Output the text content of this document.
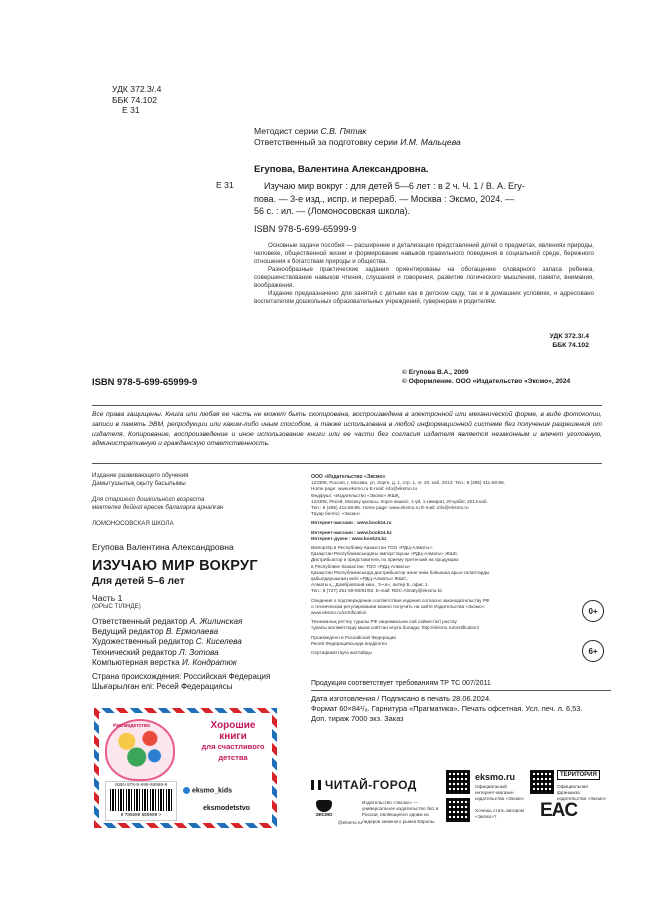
УДК 372.3/.4
ББК 74.102
Е 31
Методист серии С.В. Пятак
Ответственный за подготовку серии И.М. Мальцева
Егупова, Валентина Александровна.
Е 31	Изучаю мир вокруг : для детей 5—6 лет : в 2 ч. Ч. 1 / В. А. Егу-
пова. — 3-е изд., испр. и перераб. — Москва : Эксмо, 2024. —
56 с. : ил. — (Ломоносовская школа).
ISBN 978-5-699-65999-9
Основные задачи пособия — расширение и детализация представлений детей о предметах, явлениях природы, человеке, общественной жизни и формирование навыков правильного поведения в социальной среде, бережного отношения к богатствам природы и общества.
Разнообразные практические задания ориентированы на обогащение словарного запаса ребенка, совершенствование навыков чтения, слушания и говорения, развитие логического мышления, памяти, внимания, воображения.
Издание предназначено для занятий с детьми как в детском саду, так и в домашних условиях, и адресовано воспитателям дошкольных образовательных учреждений, гувернерам и родителям.
УДК 372.3/.4
ББК 74.102
ISBN 978-5-699-65999-9
© Егупова В.А., 2009
© Оформление. ООО «Издательство «Эксмо», 2024
Все права защищены. Книга или любая ее часть не может быть скопирована, воспроизведена в электронной или механической форме, в виде фотокопии, записи в память ЭВМ, репродукции или каким-либо иным способом, а также использована в любой информационной системе без получения разрешения от издателя. Копирование, воспроизведение и иное использование книги или ее части без согласия издателя является незаконным и влечет уголовную, административную и гражданскую ответственность.
Издание развивающего обучения
Дамытушылық оқыту басылымы
Для старшего дошкольного возраста
мектепке дейінгі ересек балаларға арналған
ЛОМОНОСОВСКАЯ ШКОЛА
Егупова Валентина Александровна
ИЗУЧАЮ МИР ВОКРУГ
Для детей 5–6 лет
Часть 1
(ОРЫС ТІЛІНДЕ)
Ответственный редактор А. Жилинская
Ведущий редактор В. Ермолаева
Художественный редактор С. Киселева
Технический редактор Л. Зотова
Компьютерная верстка И. Кондратюк
Страна происхождения: Российская Федерация
Шығарылған елі: Ресей Федерациясы
#эксмодетство	Хорошие
книги
для счастливого
детства
ISBN 978-5-699-65999-9
9 785699 659999 >
eksmo_kids
eksmodetstvo
ООО «Издательство «Эксмо»
123308, Россия, г. Москва, ул. Зорге, д. 1, стр. 1, эт. 20, каб. 2013. Тел.: 8 (495) 411-68-86.
Home page: www.eksmo.ru E-mail: info@eksmo.ru
Өндіруші: «Издательство «Эксмо» ЖШҚ,
123308, Ресей, Мәскеу қаласы, Зорге көшесі, 1-үй, 1-ғимарат, 20-қабат, 2013-каб.
Тел.: 8 (495) 411-68-86. Home page: www.eksmo.ru E-mail: info@eksmo.ru
Тауар белгісі: «Эксмо»
Интернет-магазин : www.book24.ru
Интернет-магазин : www.book24.kz
Интернет-дүкен : www.book24.kz
Импортёр в Республику Казахстан ТОО «РДЦ-Алматы».
Қазақстан Республикасындағы импорттаушы «РДЦ-Алматы» ЖШС.
Дистрибьютор и представитель по приему претензий на продукцию
в Республике Казахстан: ТОО «РДЦ-Алматы»
Қазақстан Республикасында дистрибьютор және өнім бойынша арыз-талаптарды
қабылдаушының өкілі «РДЦ-Алматы» ЖШС,
Алматы қ., Домбровский көш., 3-«а», литер Б, офис 1.
Тел.: 8 (727) 251-59-90/91/92. E-mail: RDC-Almaty@eksmo.kz
Сведения о подтверждении соответствия издания согласно законодательству РФ
о техническом регулировании можно получить на сайте Издательства «Эксмо»:
www.eksmo.ru/certification
Техникалық реттеу туралы РФ заңнамасына сай сәйкестікті растау
туралы мәліметтерді мына сайттан алуға болады: http://eksmo.ru/certification/
Произведено в Российской Федерации
Ресей Федерациясында өндірілген
Сертификаттауға жатпайды
0+
6+
Продукция соответствует требованиям ТР ТС 007/2011
Дата изготовления / Подписано в печать 28.06.2024.
Формат 60×84¹/₈. Гарнитура «Прагматика». Печать офсетная. Усл. печ. л. 6,53.
Доп. тираж 7000 экз. Заказ
ЧИТАЙ-ГОРОД
ЭКСМО
@eksmo.ru
Издательство «Эксмо» — универсальное издательство №1 в России, являющееся одним из лидеров книжного рынка Европы.
eksmo.ru
Официальный интернет-магазин издательства «Эксмо»
Хочешь стать автором «Эксмо»?
ТЕРИТОРИЯ
Официальная франшиза издательства «Эксмо»
EAC
